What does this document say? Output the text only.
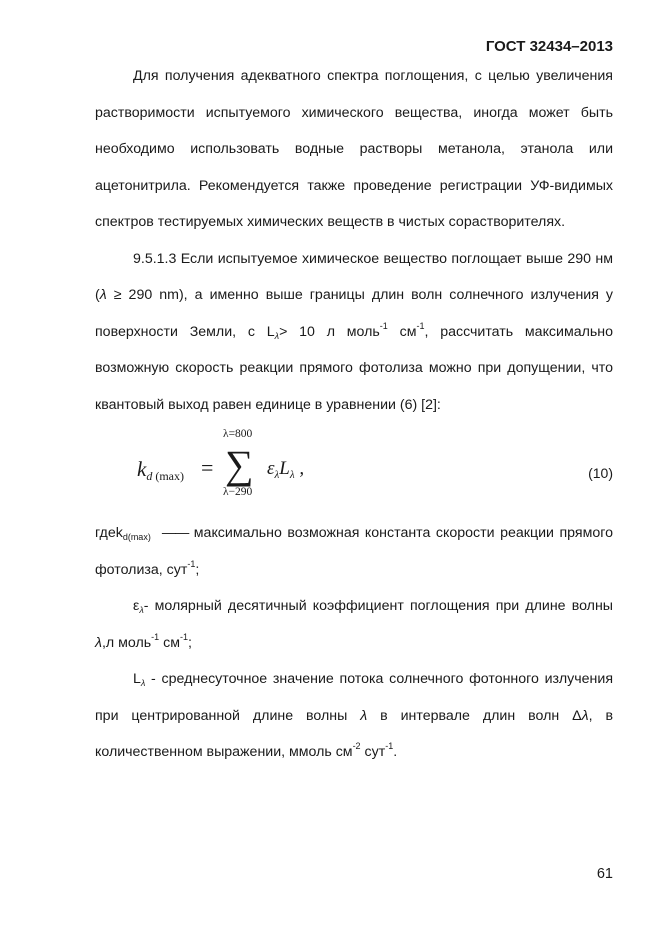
ГОСТ 32434–2013

Для получения адекватного спектра поглощения, с целью увеличения растворимости испытуемого химического вещества, иногда может быть необходимо использовать водные растворы метанола, этанола или ацетонитрила. Рекомендуется также проведение регистрации УФ-видимых спектров тестируемых химических веществ в чистых сорастворителях.

9.5.1.3 Если испытуемое химическое вещество поглощает выше 290 нм (λ ≥ 290 nm), а именно выше границы длин волн солнечного излучения у поверхности Земли, с $L_\lambda> 10$ л моль$^{-1}$ $см^{-1}$, рассчитать максимально возможную скорость реакции прямого фотолиза можно при допущении, что квантовый выход равен единице в уравнении (6) [2]:

$k_d$ (max) =
λ=800
∑
λ−290
$\varepsilon_\lambda L_\lambda$ ,	(10)

гдеk$_{d(max)}$ —— максимально возможная константа скорости реакции прямого фотолиза, сут$^{-1}$;

$\varepsilon_\lambda-$ молярный десятичный коэффициент поглощения при длине волны λ,л моль$^{-1}$ $см^{-1}$;

$L_\lambda$ - среднесуточное значение потока солнечного фотонного излучения при центрированной длине волны λ в интервале длин волн Δλ, в количественном выражении, ммоль $см^{-2}$ сут$^{-1}$.

61
